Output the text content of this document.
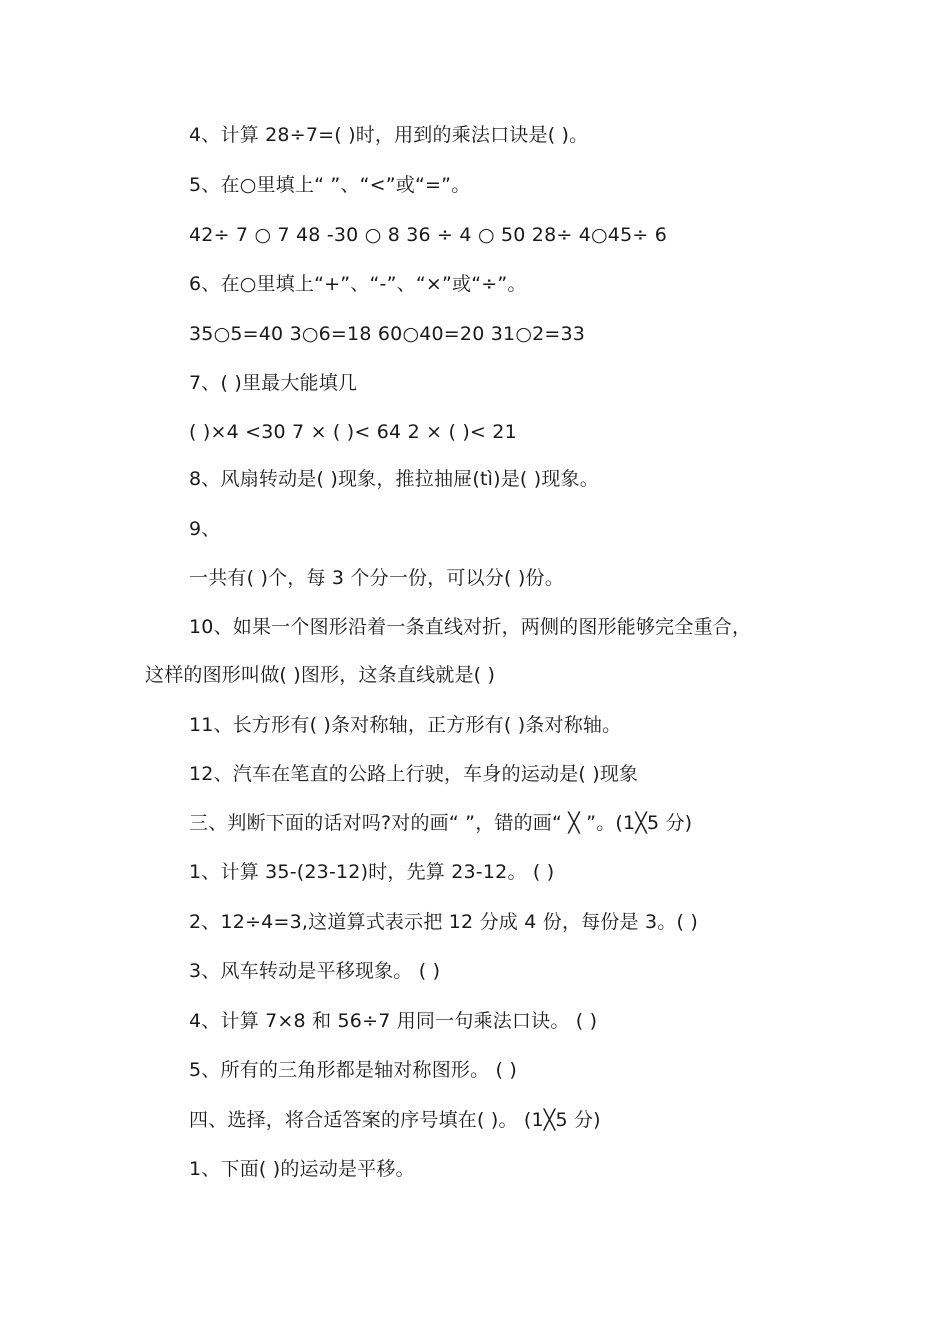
4、计算 28÷7=( )时，用到的乘法口诀是( )。
5、在○里填上“ ”、“<”或“=”。
42÷ 7 ○ 7 48 -30 ○ 8 36 ÷ 4 ○ 50 28÷ 4○45÷ 6
6、在○里填上“+”、“-”、“×”或“÷”。
35○5=40 3○6=18 60○40=20 31○2=33
7、( )里最大能填几
( )×4 <30 7 × ( )< 64 2 × ( )< 21
8、风扇转动是( )现象，推拉抽屉(tì)是( )现象。
9、
一共有( )个，每 3 个分一份，可以分( )份。
10、如果一个图形沿着一条直线对折，两侧的图形能够完全重合，
这样的图形叫做( )图形，这条直线就是( )
11、长方形有( )条对称轴，正方形有( )条对称轴。
12、汽车在笔直的公路上行驶，车身的运动是( )现象
三、判断下面的话对吗?对的画“ ”，错的画“ ╳ ”。(1╳5 分)
1、计算 35-(23-12)时，先算 23-12。 ( )
2、12÷4=3,这道算式表示把 12 分成 4 份，每份是 3。( )
3、风车转动是平移现象。 ( )
4、计算 7×8 和 56÷7 用同一句乘法口诀。 ( )
5、所有的三角形都是轴对称图形。 ( )
四、选择，将合适答案的序号填在( )。 (1╳5 分)
1、下面( )的运动是平移。
